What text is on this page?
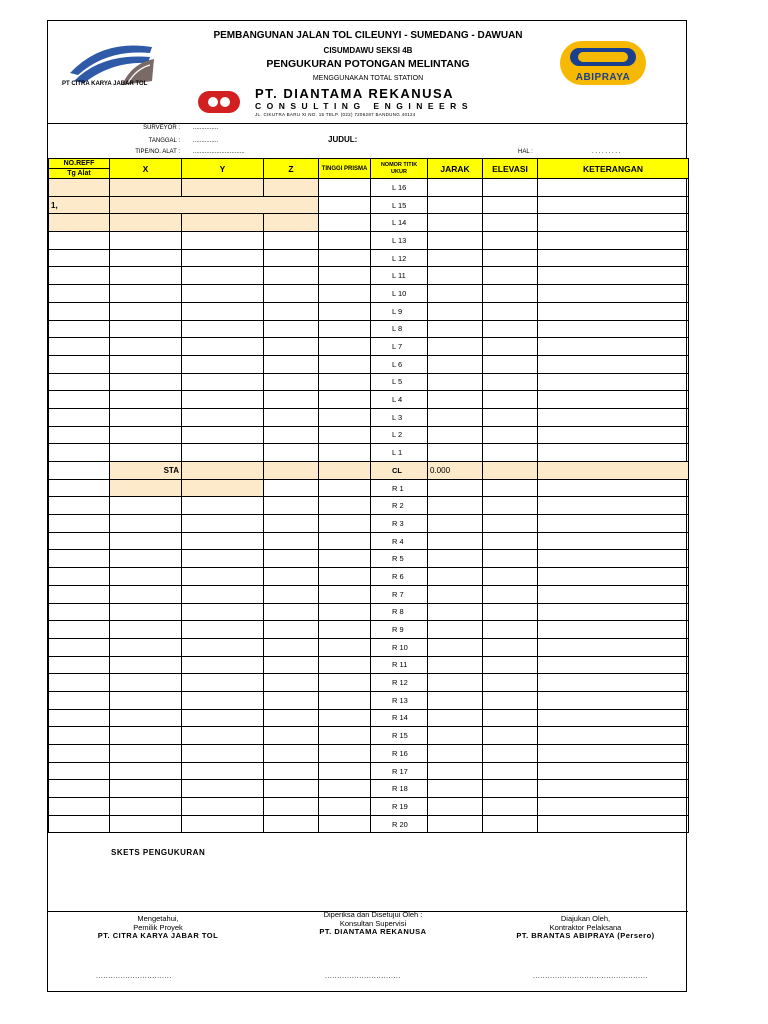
PT CITRA KARYA JABAR TOL
PEMBANGUNAN JALAN TOL CILEUNYI - SUMEDANG - DAWUAN
CISUMDAWU SEKSI 4B
PENGUKURAN POTONGAN MELINTANG
MENGGUNAKAN TOTAL STATION	ABIPRAYA
PT. DIANTAMA REKANUSA
CONSULTING ENGINEERS
JL. CIKUTRA BARU XI NO. 15 TELP. (022) 7206287 BANDUNG 40124
SURVEYOR : ...............
TANGGAL : ...............
TIPE/NO. ALAT : ...............................
JUDUL:
HAL :	. . . . . . . . .
NO.REFF	X	Y	Z	TINGGI PRISMA	NOMOR TITIK UKUR	JARAK	ELEVASI	KETERANGAN
Tg Alat								
					L 16			
1,					L 15			
					L 14			
					L 13			
					L 12			
					L 11			
					L 10			
					L 9			
					L 8			
					L 7			
					L 6			
					L 5			
					L 4			
					L 3			
					L 2			
					L 1			
	STA				CL	0.000		
					R 1			
					R 2			
					R 3			
					R 4			
					R 5			
					R 6			
					R 7			
					R 8			
					R 9			
					R 10			
					R 11			
					R 12			
					R 13			
					R 14			
					R 15			
					R 16			
					R 17			
					R 18			
					R 19			
					R 20			
SKETS PENGUKURAN
Mengetahui,
Pemilik Proyek
PT. CITRA KARYA JABAR TOL
Diperiksa dan Disetujui Oleh :
Konsultan Supervisi
PT. DIANTAMA REKANUSA
Diajukan Oleh,
Kontraktor Pelaksana
PT. BRANTAS ABIPRAYA (Persero)
...............................	...............................	...............................................
